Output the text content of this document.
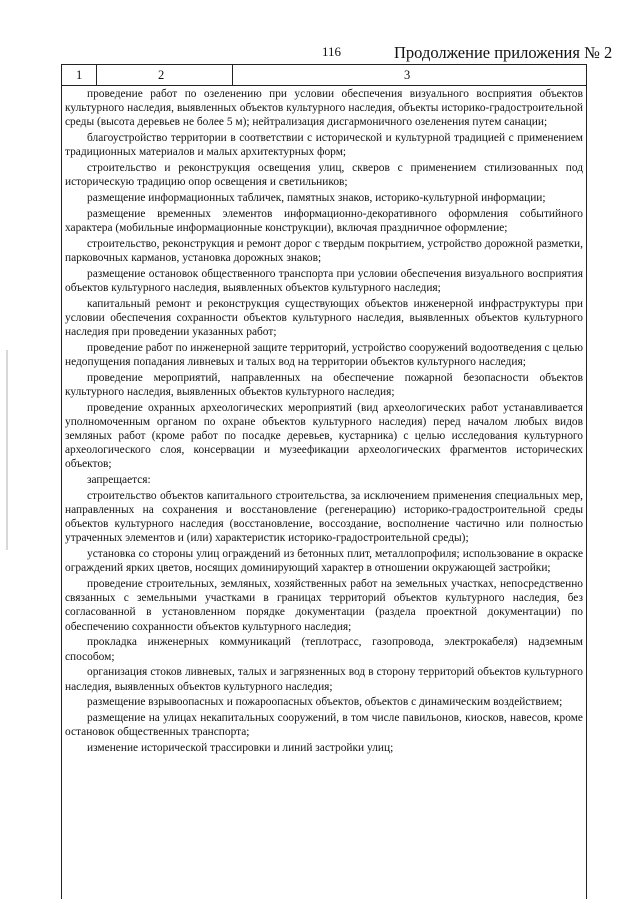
116	Продолжение приложения № 2
1	2	3

проведение работ по озеленению при условии обеспечения визуального восприятия объектов культурного наследия, выявленных объектов культурного наследия, объекты историко-градостроительной среды (высота деревьев не более 5 м); нейтрализация дисгармоничного озеленения путем санации;

благоустройство территории в соответствии с исторической и культурной традицией с применением традиционных материалов и малых архитектурных форм;

строительство и реконструкция освещения улиц, скверов с применением стилизованных под историческую традицию опор освещения и светильников;

размещение информационных табличек, памятных знаков, историко-культурной информации;

размещение временных элементов информационно-декоративного оформления событийного характера (мобильные информационные конструкции), включая праздничное оформление;

строительство, реконструкция и ремонт дорог с твердым покрытием, устройство дорожной разметки, парковочных карманов, установка дорожных знаков;

размещение остановок общественного транспорта при условии обеспечения визуального восприятия объектов культурного наследия, выявленных объектов культурного наследия;

капитальный ремонт и реконструкция существующих объектов инженерной инфраструктуры при условии обеспечения сохранности объектов культурного наследия, выявленных объектов культурного наследия при проведении указанных работ;

проведение работ по инженерной защите территорий, устройство сооружений водоотведения с целью недопущения попадания ливневых и талых вод на территории объектов культурного наследия;

проведение мероприятий, направленных на обеспечение пожарной безопасности объектов культурного наследия, выявленных объектов культурного наследия;

проведение охранных археологических мероприятий (вид археологических работ устанавливается уполномоченным органом по охране объектов культурного наследия) перед началом любых видов земляных работ (кроме работ по посадке деревьев, кустарника) с целью исследования культурного археологического слоя, консервации и музеефикации археологических фрагментов исторических объектов;

запрещается:

строительство объектов капитального строительства, за исключением применения специальных мер, направленных на сохранения и восстановление (регенерацию) историко-градостроительной среды объектов культурного наследия (восстановление, воссоздание, восполнение частично или полностью утраченных элементов и (или) характеристик историко-градостроительной среды);

установка со стороны улиц ограждений из бетонных плит, металлопрофиля; использование в окраске ограждений ярких цветов, носящих доминирующий характер в отношении окружающей застройки;

проведение строительных, земляных, хозяйственных работ на земельных участках, непосредственно связанных с земельными участками в границах территорий объектов культурного наследия, без согласованной в установленном порядке документации (раздела проектной документации) по обеспечению сохранности объектов культурного наследия;

прокладка инженерных коммуникаций (теплотрасс, газопровода, электрокабеля) надземным способом;

организация стоков ливневых, талых и загрязненных вод в сторону территорий объектов культурного наследия, выявленных объектов культурного наследия;

размещение взрывоопасных и пожароопасных объектов, объектов с динамическим воздействием;

размещение на улицах некапитальных сооружений, в том числе павильонов, киосков, навесов, кроме остановок общественных транспорта;

изменение исторической трассировки и линий застройки улиц;
